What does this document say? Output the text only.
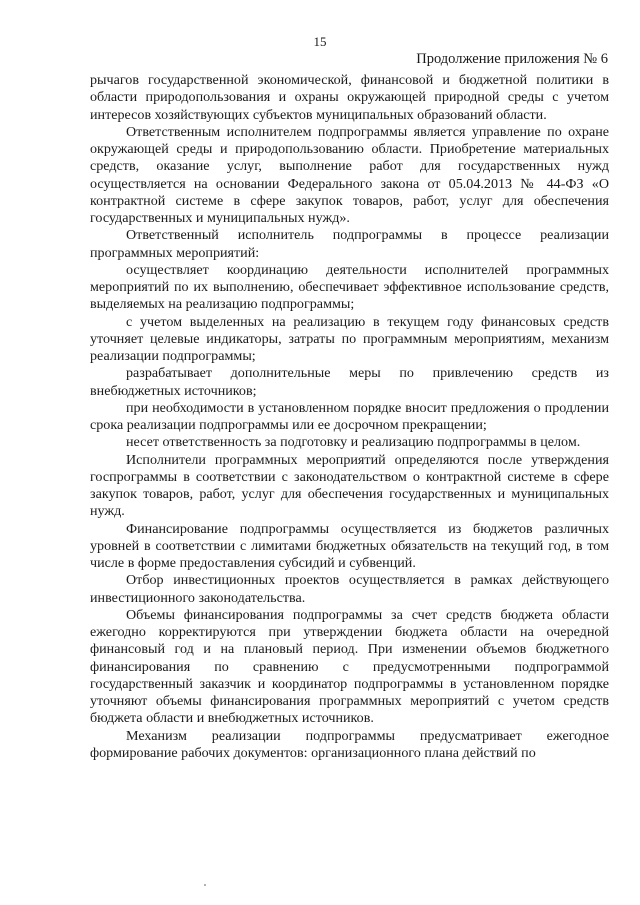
15
Продолжение приложения № 6

рычагов государственной экономической, финансовой и бюджетной политики в области природопользования и охраны окружающей природной среды с учетом интересов хозяйствующих субъектов муниципальных образований области.

Ответственным исполнителем подпрограммы является управление по охране окружающей среды и природопользованию области. Приобретение материальных средств, оказание услуг, выполнение работ для государственных нужд осуществляется на основании Федерального закона от 05.04.2013 № 44-ФЗ «О контрактной системе в сфере закупок товаров, работ, услуг для обеспечения государственных и муниципальных нужд».

Ответственный исполнитель подпрограммы в процессе реализации программных мероприятий:

осуществляет координацию деятельности исполнителей программных мероприятий по их выполнению, обеспечивает эффективное использование средств, выделяемых на реализацию подпрограммы;

с учетом выделенных на реализацию в текущем году финансовых средств уточняет целевые индикаторы, затраты по программным мероприятиям, механизм реализации подпрограммы;

разрабатывает дополнительные меры по привлечению средств из внебюджетных источников;

при необходимости в установленном порядке вносит предложения о продлении срока реализации подпрограммы или ее досрочном прекращении;

несет ответственность за подготовку и реализацию подпрограммы в целом.

Исполнители программных мероприятий определяются после утверждения госпрограммы в соответствии с законодательством о контрактной системе в сфере закупок товаров, работ, услуг для обеспечения государственных и муниципальных нужд.

Финансирование подпрограммы осуществляется из бюджетов различных уровней в соответствии с лимитами бюджетных обязательств на текущий год, в том числе в форме предоставления субсидий и субвенций.

Отбор инвестиционных проектов осуществляется в рамках действующего инвестиционного законодательства.

Объемы финансирования подпрограммы за счет средств бюджета области ежегодно корректируются при утверждении бюджета области на очередной финансовый год и на плановый период. При изменении объемов бюджетного финансирования по сравнению с предусмотренными подпрограммой государственный заказчик и координатор подпрограммы в установленном порядке уточняют объемы финансирования программных мероприятий с учетом средств бюджета области и внебюджетных источников.

Механизм реализации подпрограммы предусматривает ежегодное формирование рабочих документов: организационного плана действий по
